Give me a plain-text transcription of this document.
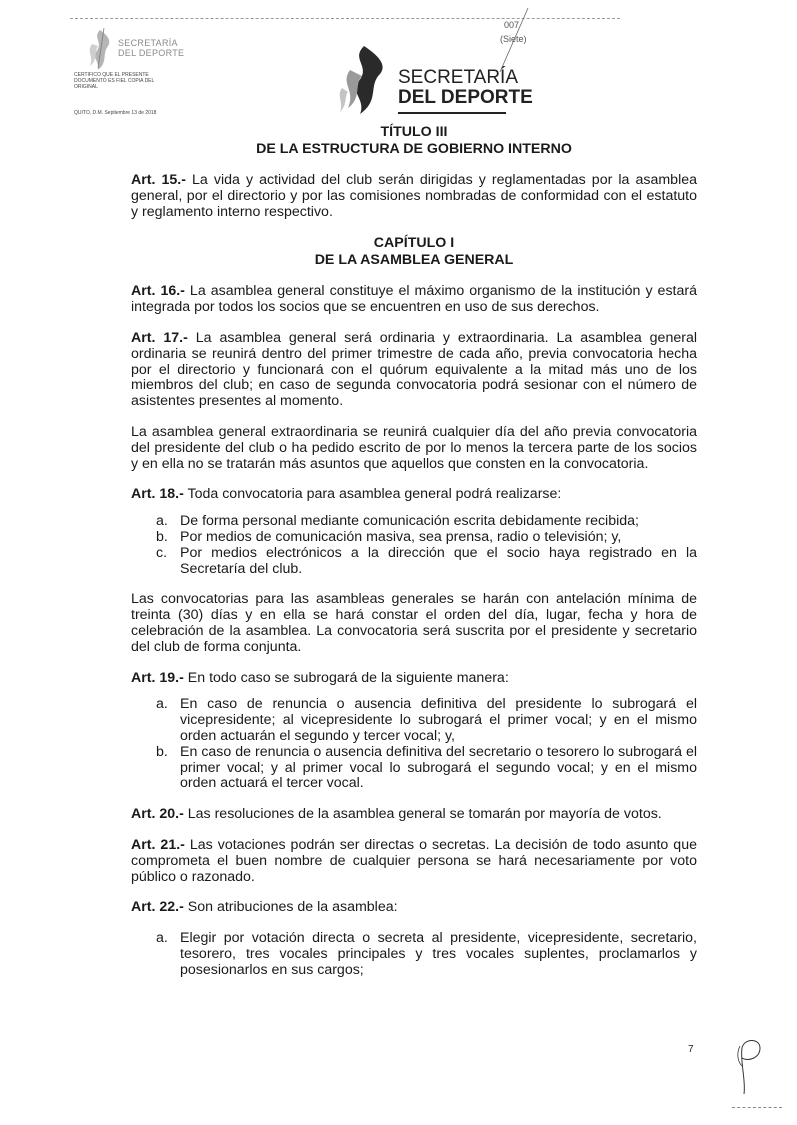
SECRETARÍA
DEL DEPORTE
CERTIFICO QUE EL PRESENTE DOCUMENTO ES FIEL COPIA DEL ORIGINAL
QUITO, D.M. Septiembre 13 de 2018
007
(Siete)
SECRETARÍA
DEL DEPORTE
TÍTULO III
DE LA ESTRUCTURA DE GOBIERNO INTERNO

Art. 15.- La vida y actividad del club serán dirigidas y reglamentadas por la asamblea general, por el directorio y por las comisiones nombradas de conformidad con el estatuto y reglamento interno respectivo.

CAPÍTULO I
DE LA ASAMBLEA GENERAL

Art. 16.- La asamblea general constituye el máximo organismo de la institución y estará integrada por todos los socios que se encuentren en uso de sus derechos.

Art. 17.- La asamblea general será ordinaria y extraordinaria. La asamblea general ordinaria se reunirá dentro del primer trimestre de cada año, previa convocatoria hecha por el directorio y funcionará con el quórum equivalente a la mitad más uno de los miembros del club; en caso de segunda convocatoria podrá sesionar con el número de asistentes presentes al momento.

La asamblea general extraordinaria se reunirá cualquier día del año previa convocatoria del presidente del club o ha pedido escrito de por lo menos la tercera parte de los socios y en ella no se tratarán más asuntos que aquellos que consten en la convocatoria.

Art. 18.- Toda convocatoria para asamblea general podrá realizarse:

a. De forma personal mediante comunicación escrita debidamente recibida;
b. Por medios de comunicación masiva, sea prensa, radio o televisión; y,
c. Por medios electrónicos a la dirección que el socio haya registrado en la Secretaría del club.

Las convocatorias para las asambleas generales se harán con antelación mínima de treinta (30) días y en ella se hará constar el orden del día, lugar, fecha y hora de celebración de la asamblea. La convocatoria será suscrita por el presidente y secretario del club de forma conjunta.

Art. 19.- En todo caso se subrogará de la siguiente manera:

a. En caso de renuncia o ausencia definitiva del presidente lo subrogará el vicepresidente; al vicepresidente lo subrogará el primer vocal; y en el mismo orden actuarán el segundo y tercer vocal; y,
b. En caso de renuncia o ausencia definitiva del secretario o tesorero lo subrogará el primer vocal; y al primer vocal lo subrogará el segundo vocal; y en el mismo orden actuará el tercer vocal.

Art. 20.- Las resoluciones de la asamblea general se tomarán por mayoría de votos.

Art. 21.- Las votaciones podrán ser directas o secretas. La decisión de todo asunto que comprometa el buen nombre de cualquier persona se hará necesariamente por voto público o razonado.

Art. 22.- Son atribuciones de la asamblea:

a. Elegir por votación directa o secreta al presidente, vicepresidente, secretario, tesorero, tres vocales principales y tres vocales suplentes, proclamarlos y posesionarlos en sus cargos;
7
